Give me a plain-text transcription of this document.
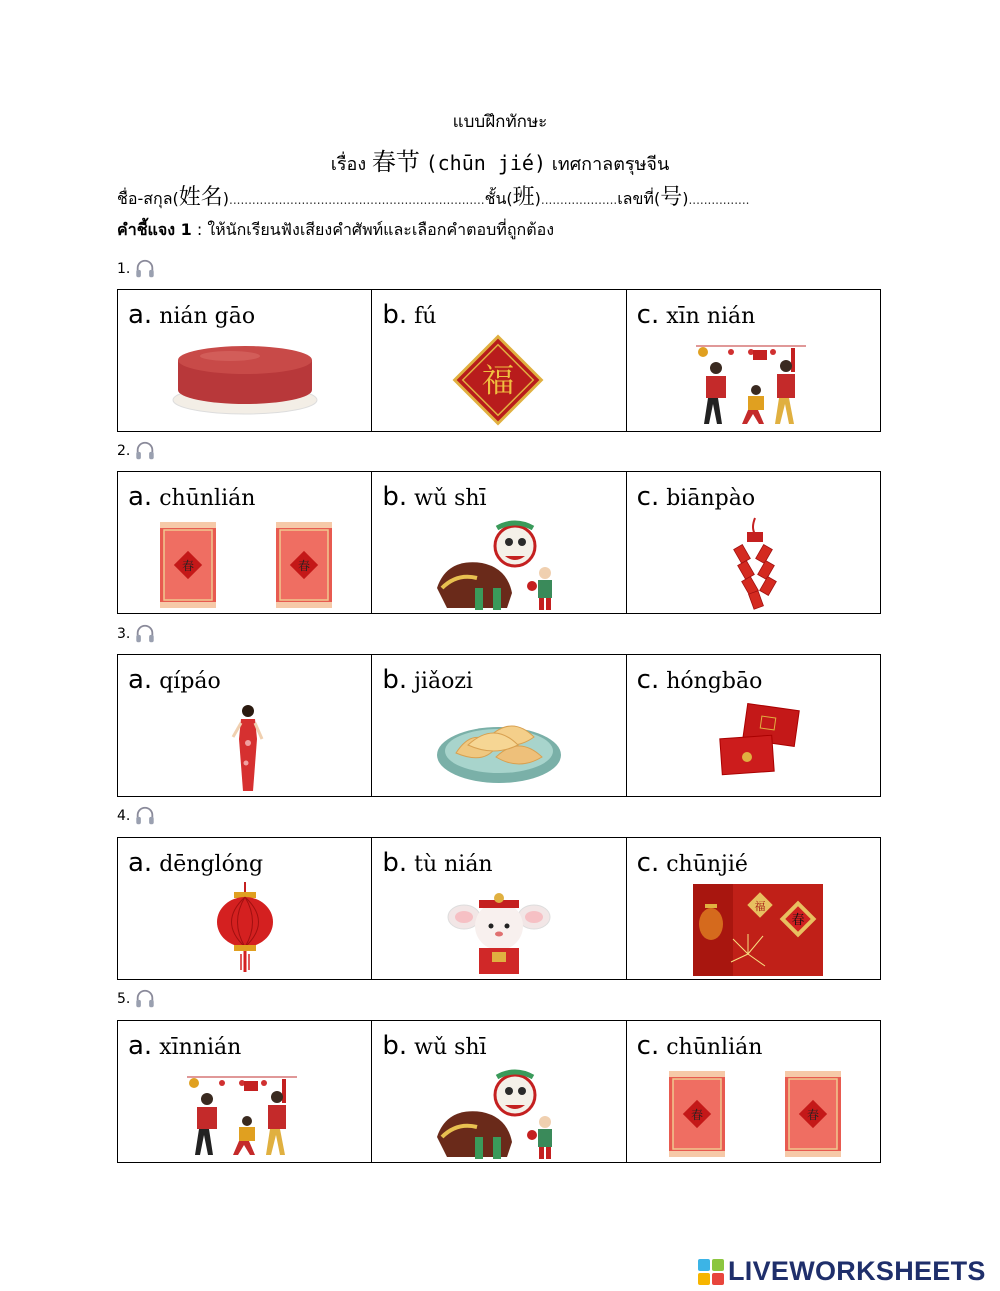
แบบฝึกทักษะ
เรื่อง 春节 (chūn jié) เทศกาลตรุษจีน
ชื่อ-สกุล(姓名)...................................................................ชั้น(班)....................เลขที่(号)................
คำชี้แจง 1 : ให้นักเรียนฟังเสียงคำศัพท์และเลือกคำตอบที่ถูกต้อง
1.
a. nián gāo	b. fú	c. xīn nián
2.
a. chūnlián	b. wǔ shī	c. biānpào
3.
a. qípáo	b. jiǎozi	c. hóngbāo
4.
a. dēnglóng	b. tù nián	c. chūnjié
5.
a. xīnnián	b. wǔ shī	c. chūnlián
LIVEWORKSHEETS
